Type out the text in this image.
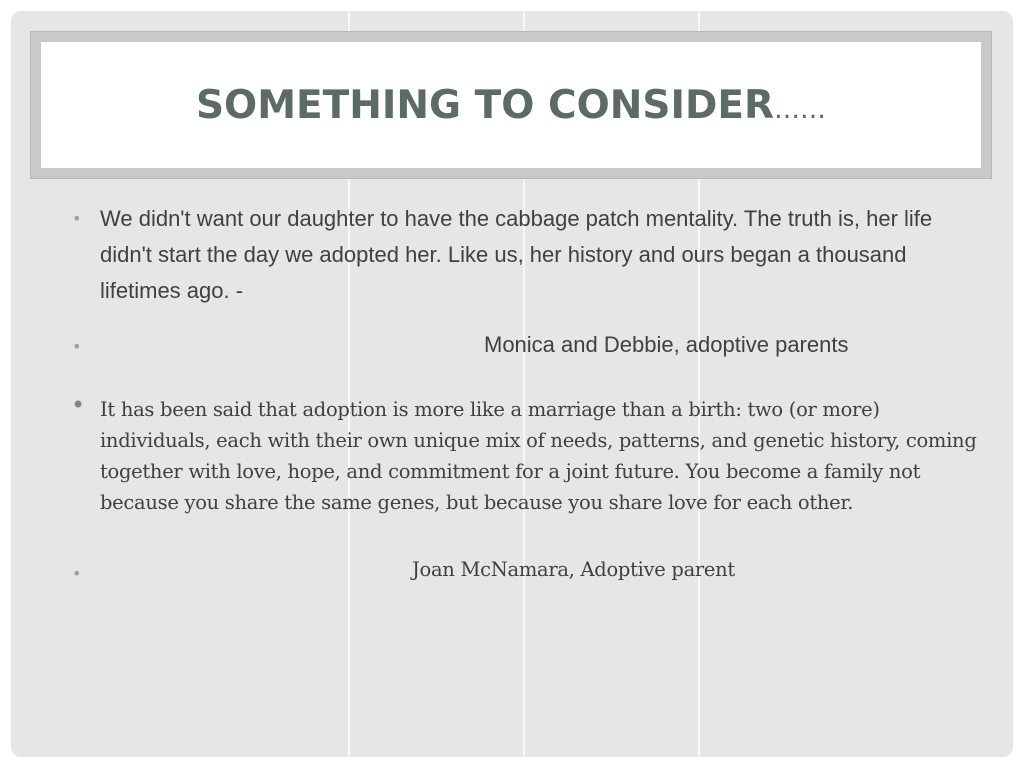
SOMETHING TO CONSIDER……
• We didn't want our daughter to have the cabbage patch mentality. The truth is, her life didn't start the day we adopted her. Like us, her history and ours began a thousand lifetimes ago. -
•	Monica and Debbie, adoptive parents
• It has been said that adoption is more like a marriage than a birth: two (or more) individuals, each with their own unique mix of needs, patterns, and genetic history, coming together with love, hope, and commitment for a joint future. You become a family not because you share the same genes, but because you share love for each other.
•	Joan McNamara, Adoptive parent
